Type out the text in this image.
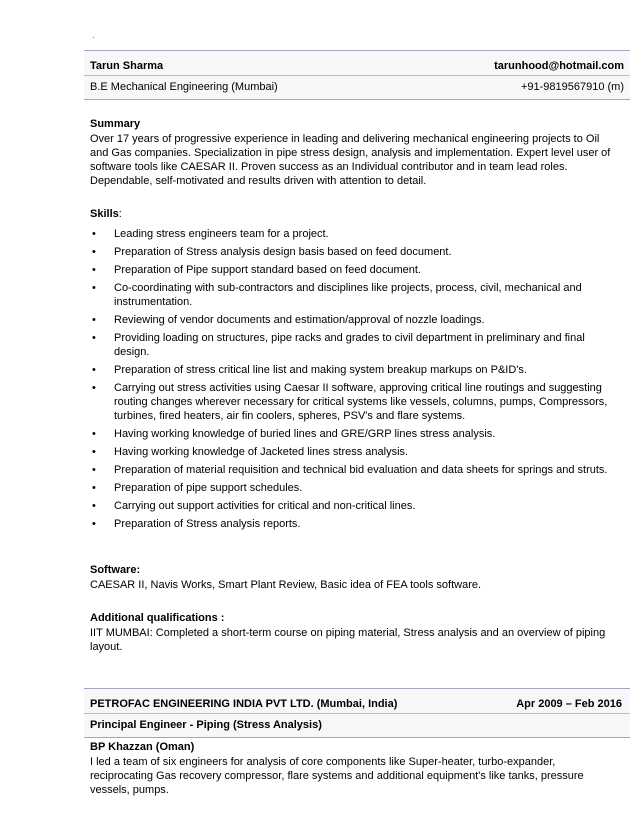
·
Tarun Sharma	tarunhood@hotmail.com
B.E Mechanical Engineering (Mumbai)	+91-9819567910 (m)
Summary
Over 17 years of progressive experience in leading and delivering mechanical engineering projects to Oil and Gas companies. Specialization in pipe stress design, analysis and implementation. Expert level user of software tools like CAESAR II. Proven success as an Individual contributor and in team lead roles. Dependable, self-motivated and results driven with attention to detail.
Skills:
• Leading stress engineers team for a project.
• Preparation of Stress analysis design basis based on feed document.
• Preparation of Pipe support standard based on feed document.
• Co-coordinating with sub-contractors and disciplines like projects, process, civil, mechanical and instrumentation.
• Reviewing of vendor documents and estimation/approval of nozzle loadings.
• Providing loading on structures, pipe racks and grades to civil department in preliminary and final design.
• Preparation of stress critical line list and making system breakup markups on P&ID's.
• Carrying out stress activities using Caesar II software, approving critical line routings and suggesting routing changes wherever necessary for critical systems like vessels, columns, pumps, Compressors, turbines, fired heaters, air fin coolers, spheres, PSV's and flare systems.
• Having working knowledge of buried lines and GRE/GRP lines stress analysis.
• Having working knowledge of Jacketed lines stress analysis.
• Preparation of material requisition and technical bid evaluation and data sheets for springs and struts.
• Preparation of pipe support schedules.
• Carrying out support activities for critical and non-critical lines.
• Preparation of Stress analysis reports.
Software:
CAESAR II, Navis Works, Smart Plant Review, Basic idea of FEA tools software.
Additional qualifications :
IIT MUMBAI: Completed a short-term course on piping material, Stress analysis and an overview of piping layout.
PETROFAC ENGINEERING INDIA PVT LTD. (Mumbai, India)	Apr 2009 – Feb 2016
Principal Engineer - Piping (Stress Analysis)
BP Khazzan (Oman)
I led a team of six engineers for analysis of core components like Super-heater, turbo-expander, reciprocating Gas recovery compressor, flare systems and additional equipment's like tanks, pressure vessels, pumps.
